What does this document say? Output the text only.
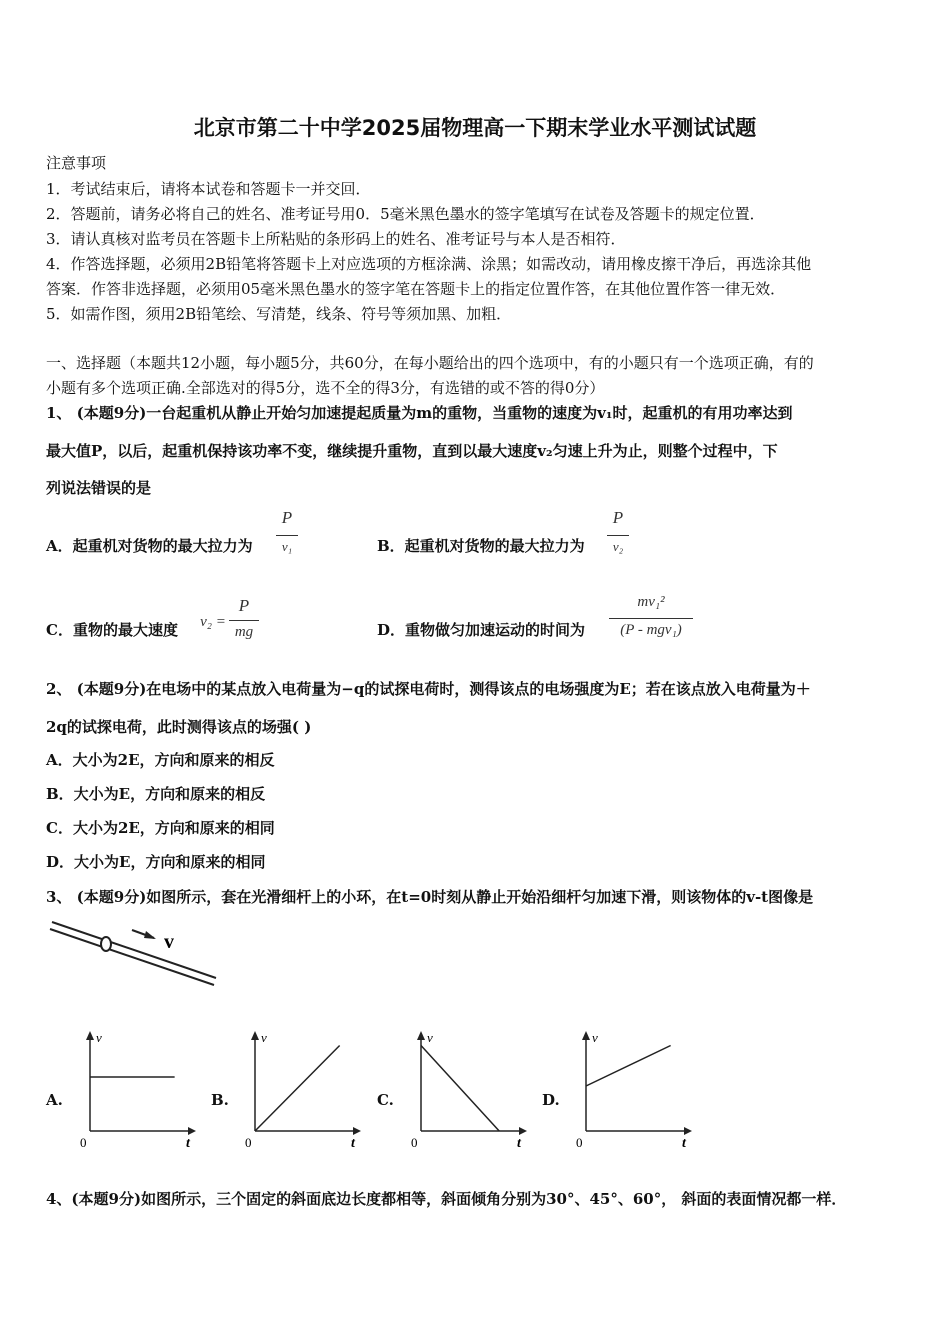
北京市第二十中学2025届物理高一下期末学业水平测试试题
注意事项
1．考试结束后，请将本试卷和答题卡一并交回．
2．答题前，请务必将自己的姓名、准考证号用0．5毫米黑色墨水的签字笔填写在试卷及答题卡的规定位置．
3．请认真核对监考员在答题卡上所粘贴的条形码上的姓名、准考证号与本人是否相符．
4．作答选择题，必须用2B铅笔将答题卡上对应选项的方框涂满、涂黑；如需改动，请用橡皮擦干净后，再选涂其他
答案．作答非选择题，必须用05毫米黑色墨水的签字笔在答题卡上的指定位置作答，在其他位置作答一律无效．
5．如需作图，须用2B铅笔绘、写清楚，线条、符号等须加黑、加粗．
一、选择题（本题共12小题，每小题5分，共60分，在每小题给出的四个选项中，有的小题只有一个选项正确，有的
小题有多个选项正确.全部选对的得5分，选不全的得3分，有选错的或不答的得0分）
1、 (本题9分)一台起重机从静止开始匀加速提起质量为m的重物，当重物的速度为v₁时，起重机的有用功率达到
最大值P，以后，起重机保持该功率不变，继续提升重物，直到以最大速度v₂匀速上升为止，则整个过程中，下
列说法错误的是
A．起重机对货物的最大拉力为
P
v₁	B．起重机对货物的最大拉力为
P
v₂
C．重物的最大速度	v₂ =
P
mg	D．重物做匀加速运动的时间为
mv₁²
(P - mgv₁)
2、 (本题9分)在电场中的某点放入电荷量为−q的试探电荷时，测得该点的电场强度为E；若在该点放入电荷量为＋
2q的试探电荷，此时测得该点的场强( )
A．大小为2E，方向和原来的相反
B．大小为E，方向和原来的相反
C．大小为2E，方向和原来的相同
D．大小为E，方向和原来的相同
3、 (本题9分)如图所示，套在光滑细杆上的小环，在t=0时刻从静止开始沿细杆匀加速下滑，则该物体的v-t图像是
v
A.
v
t
0
B.
v
t
0
C.
v
t
0
D.
v
t
0
4、(本题9分)如图所示，三个固定的斜面底边长度都相等，斜面倾角分别为30°、45°、60°， 斜面的表面情况都一样．
